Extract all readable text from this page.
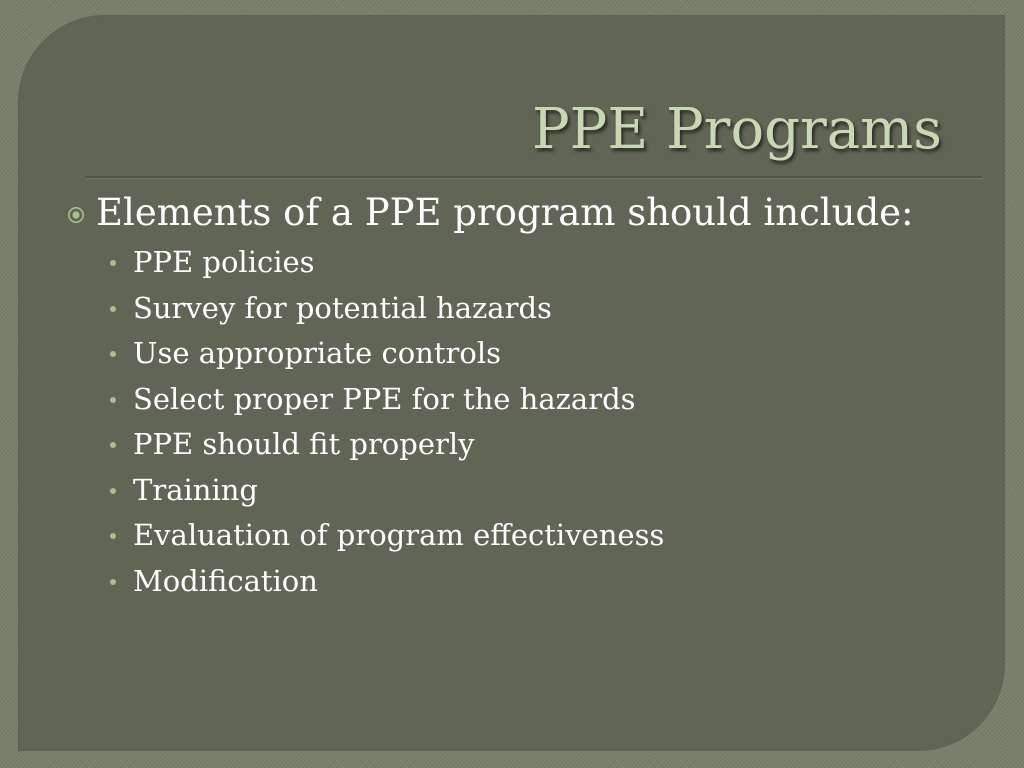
PPE Programs
Elements of a PPE program should include:
PPE policies
Survey for potential hazards
Use appropriate controls
Select proper PPE for the hazards
PPE should fit properly
Training
Evaluation of program effectiveness
Modification
